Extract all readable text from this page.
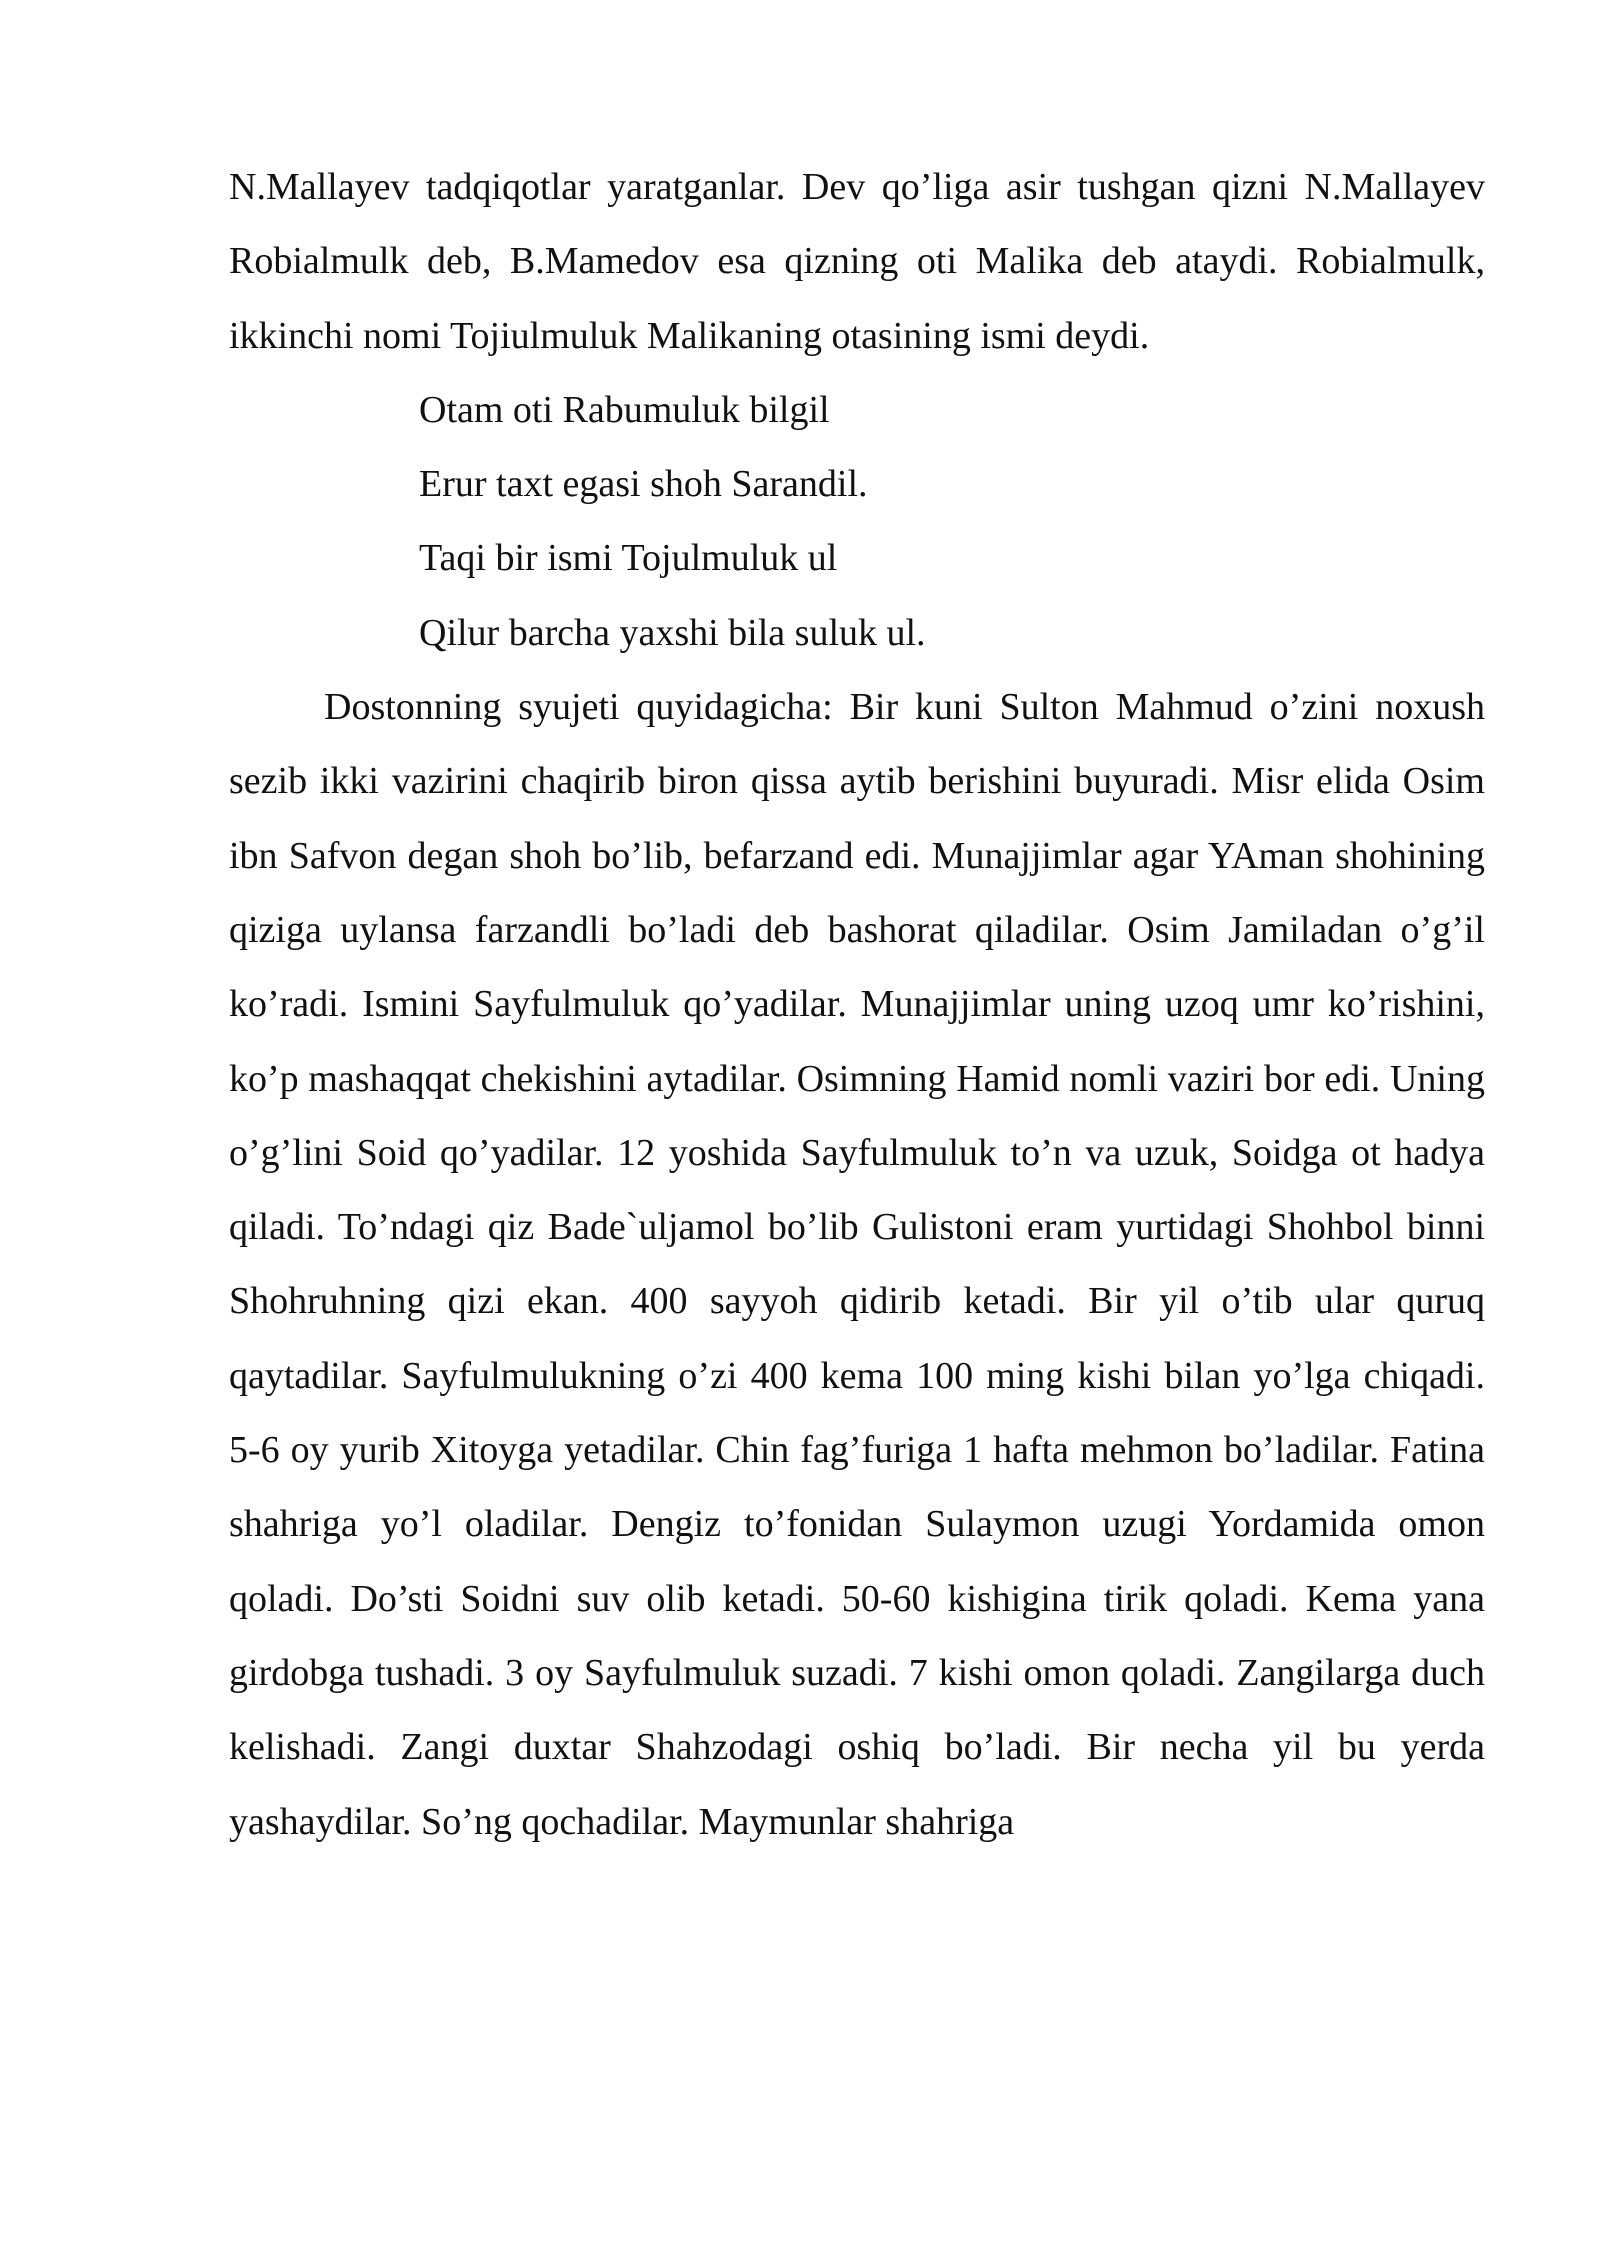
N.Mallayev tadqiqotlar yaratganlar. Dev qo’liga asir tushgan qizni N.Mallayev Robialmulk deb, B.Mamedov esa qizning oti Malika deb ataydi. Robialmulk, ikkinchi nomi Tojiulmuluk Malikaning otasining ismi deydi.

Otam oti Rabumuluk bilgil
Erur taxt egasi shoh Sarandil.
Taqi bir ismi Tojulmuluk ul
Qilur barcha yaxshi bila suluk ul.

Dostonning syujeti quyidagicha: Bir kuni Sulton Mahmud o’zini noxush sezib ikki vazirini chaqirib biron qissa aytib berishini buyuradi. Misr elida Osim ibn Safvon degan shoh bo’lib, befarzand edi. Munajjimlar agar YAman shohining qiziga uylansa farzandli bo’ladi deb bashorat qiladilar. Osim Jamiladan o’g’il ko’radi. Ismini Sayfulmuluk qo’yadilar. Munajjimlar uning uzoq umr ko’rishini, ko’p mashaqqat chekishini aytadilar. Osimning Hamid nomli vaziri bor edi. Uning o’g’lini Soid qo’yadilar. 12 yoshida Sayfulmuluk to’n va uzuk, Soidga ot hadya qiladi. To’ndagi qiz Bade`uljamol bo’lib Gulistoni eram yurtidagi Shohbol binni Shohruhning qizi ekan. 400 sayyoh qidirib ketadi. Bir yil o’tib ular quruq qaytadilar. Sayfulmulukning o’zi 400 kema 100 ming kishi bilan yo’lga chiqadi. 5-6 oy yurib Xitoyga yetadilar. Chin fag’furiga 1 hafta mehmon bo’ladilar. Fatina shahriga yo’l oladilar. Dengiz to’fonidan Sulaymon uzugi Yordamida omon qoladi. Do’sti Soidni suv olib ketadi. 50-60 kishigina tirik qoladi. Kema yana girdobga tushadi. 3 oy Sayfulmuluk suzadi. 7 kishi omon qoladi. Zangilarga duch kelishadi. Zangi duxtar Shahzodagi oshiq bo’ladi. Bir necha yil bu yerda yashaydilar. So’ng qochadilar. Maymunlar shahriga
